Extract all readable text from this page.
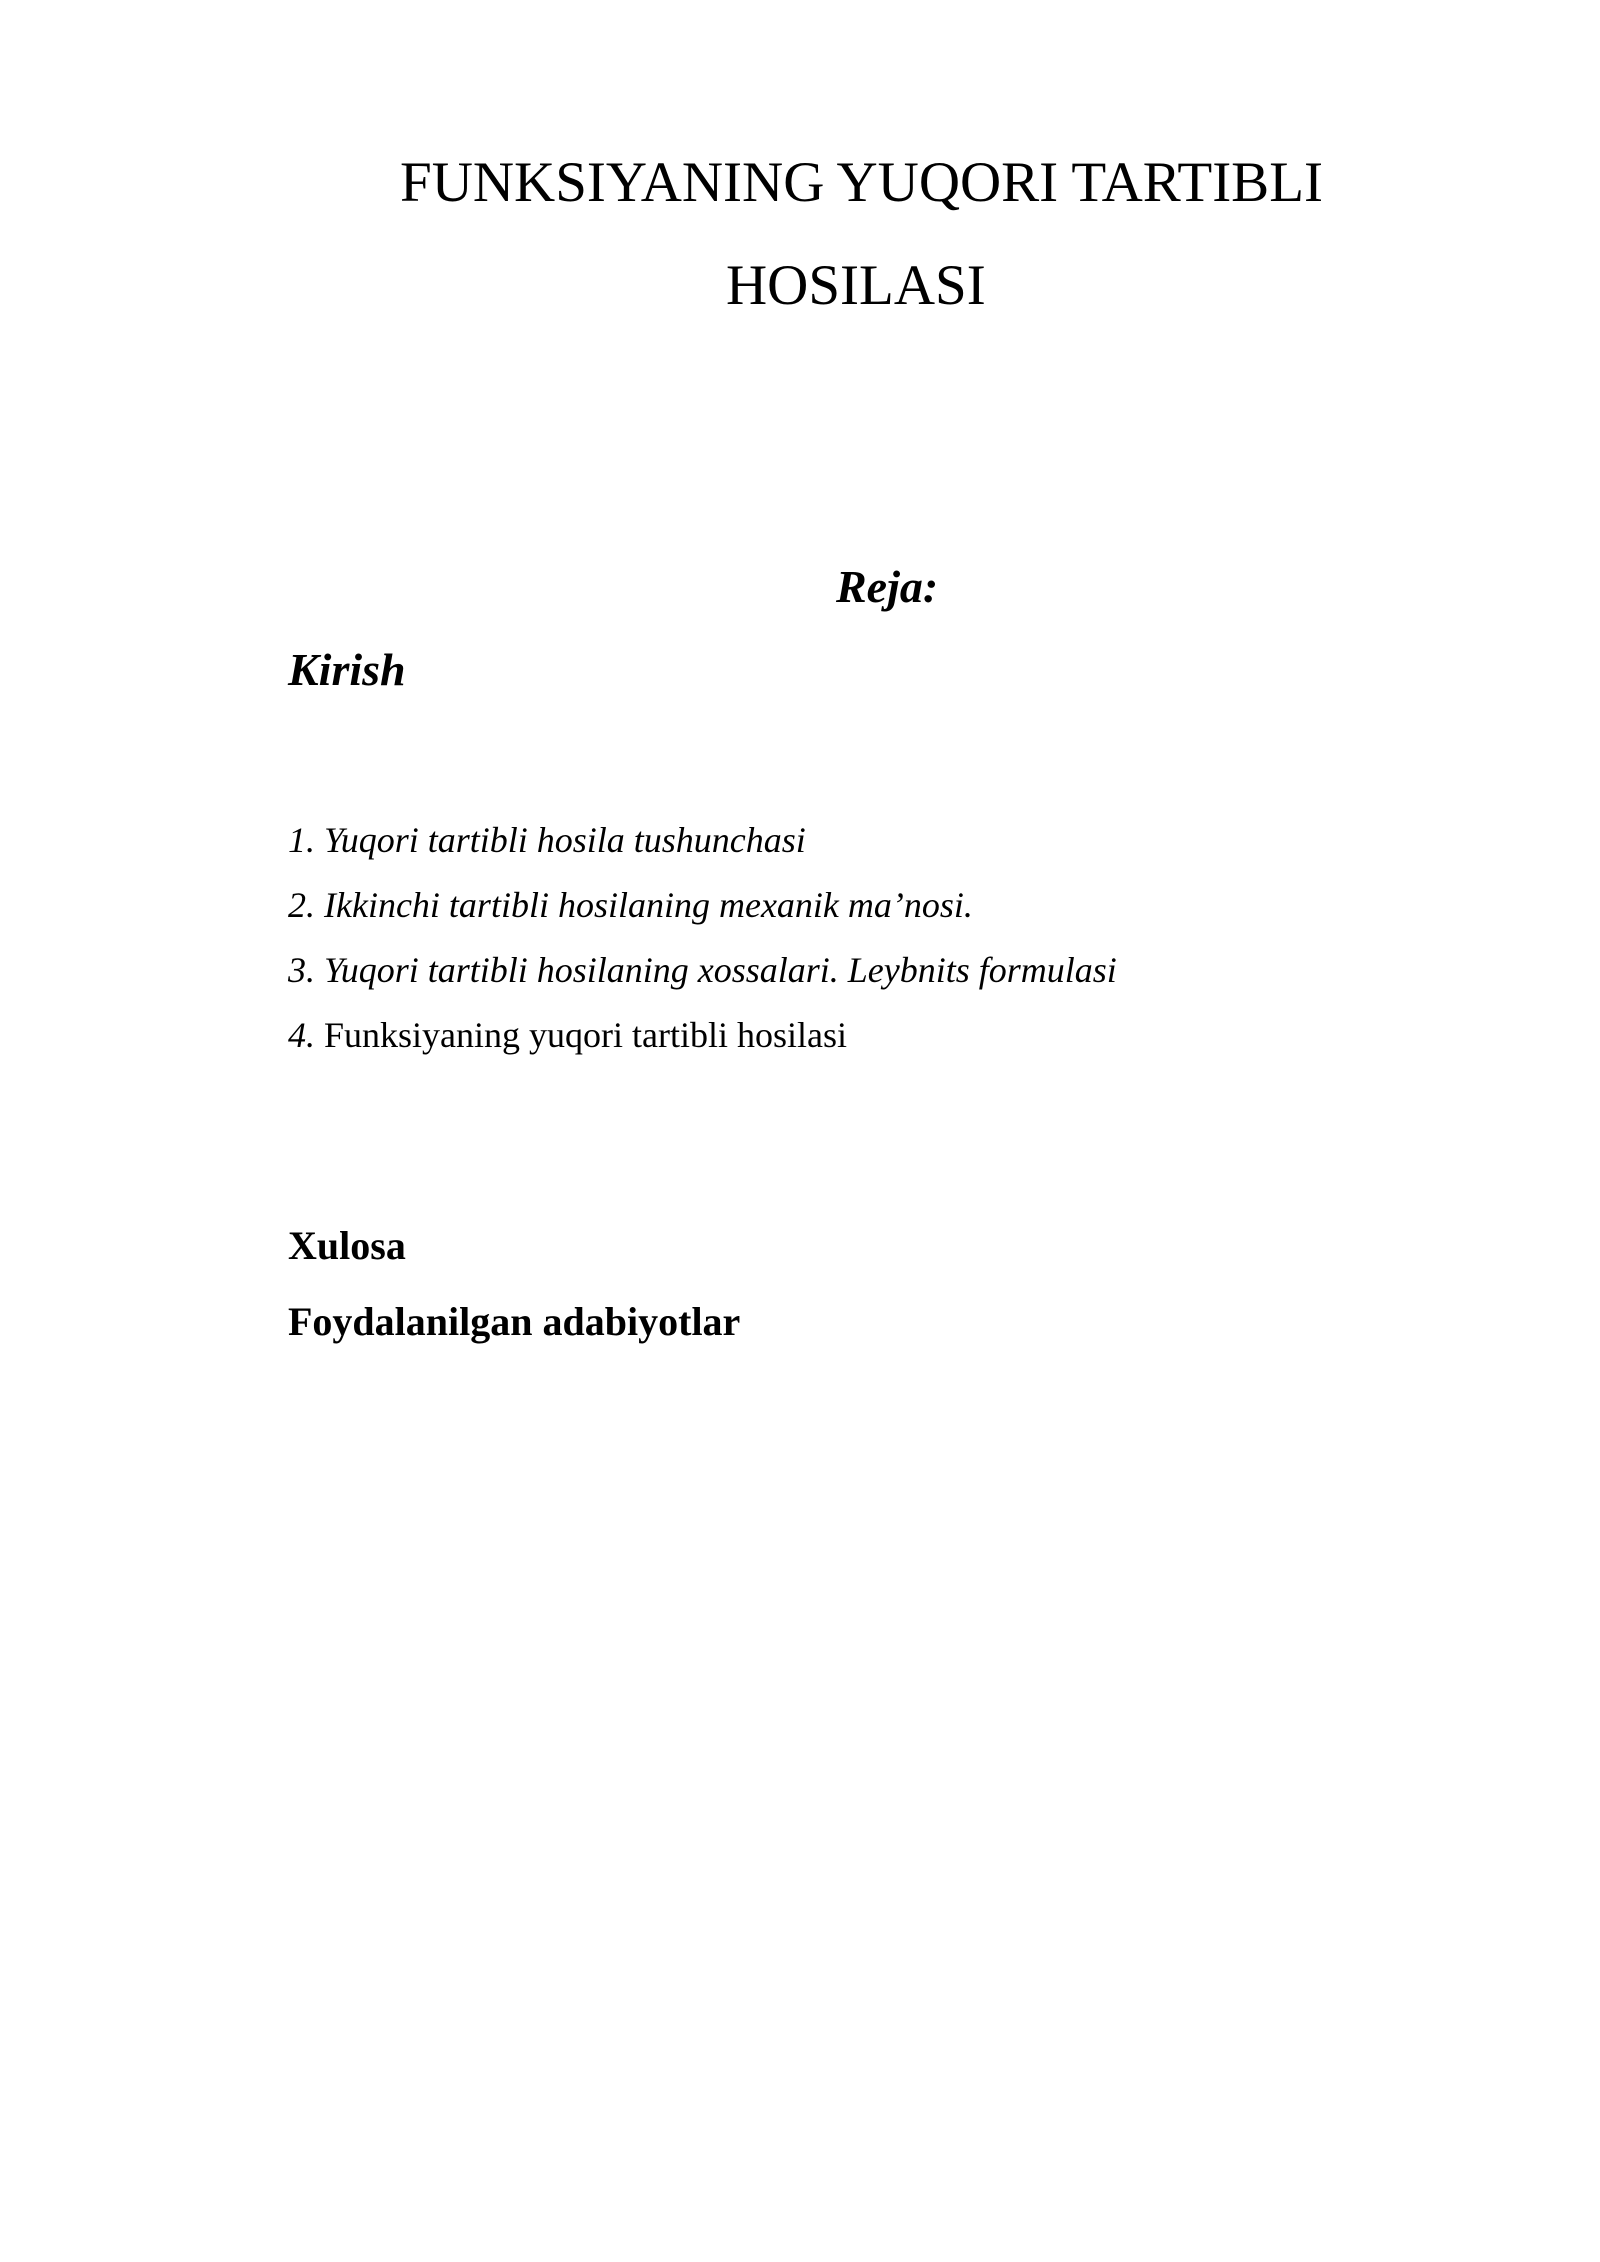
FUNKSIYANING YUQORI TARTIBLI
HOSILASI
Reja:
Kirish
1. Yuqori tartibli hosila tushunchasi
2. Ikkinchi tartibli hosilaning mexanik ma’nosi.
3. Yuqori tartibli hosilaning xossalari. Leybnits formulasi
4. Funksiyaning yuqori tartibli hosilasi
Xulosa
Foydalanilgan adabiyotlar
